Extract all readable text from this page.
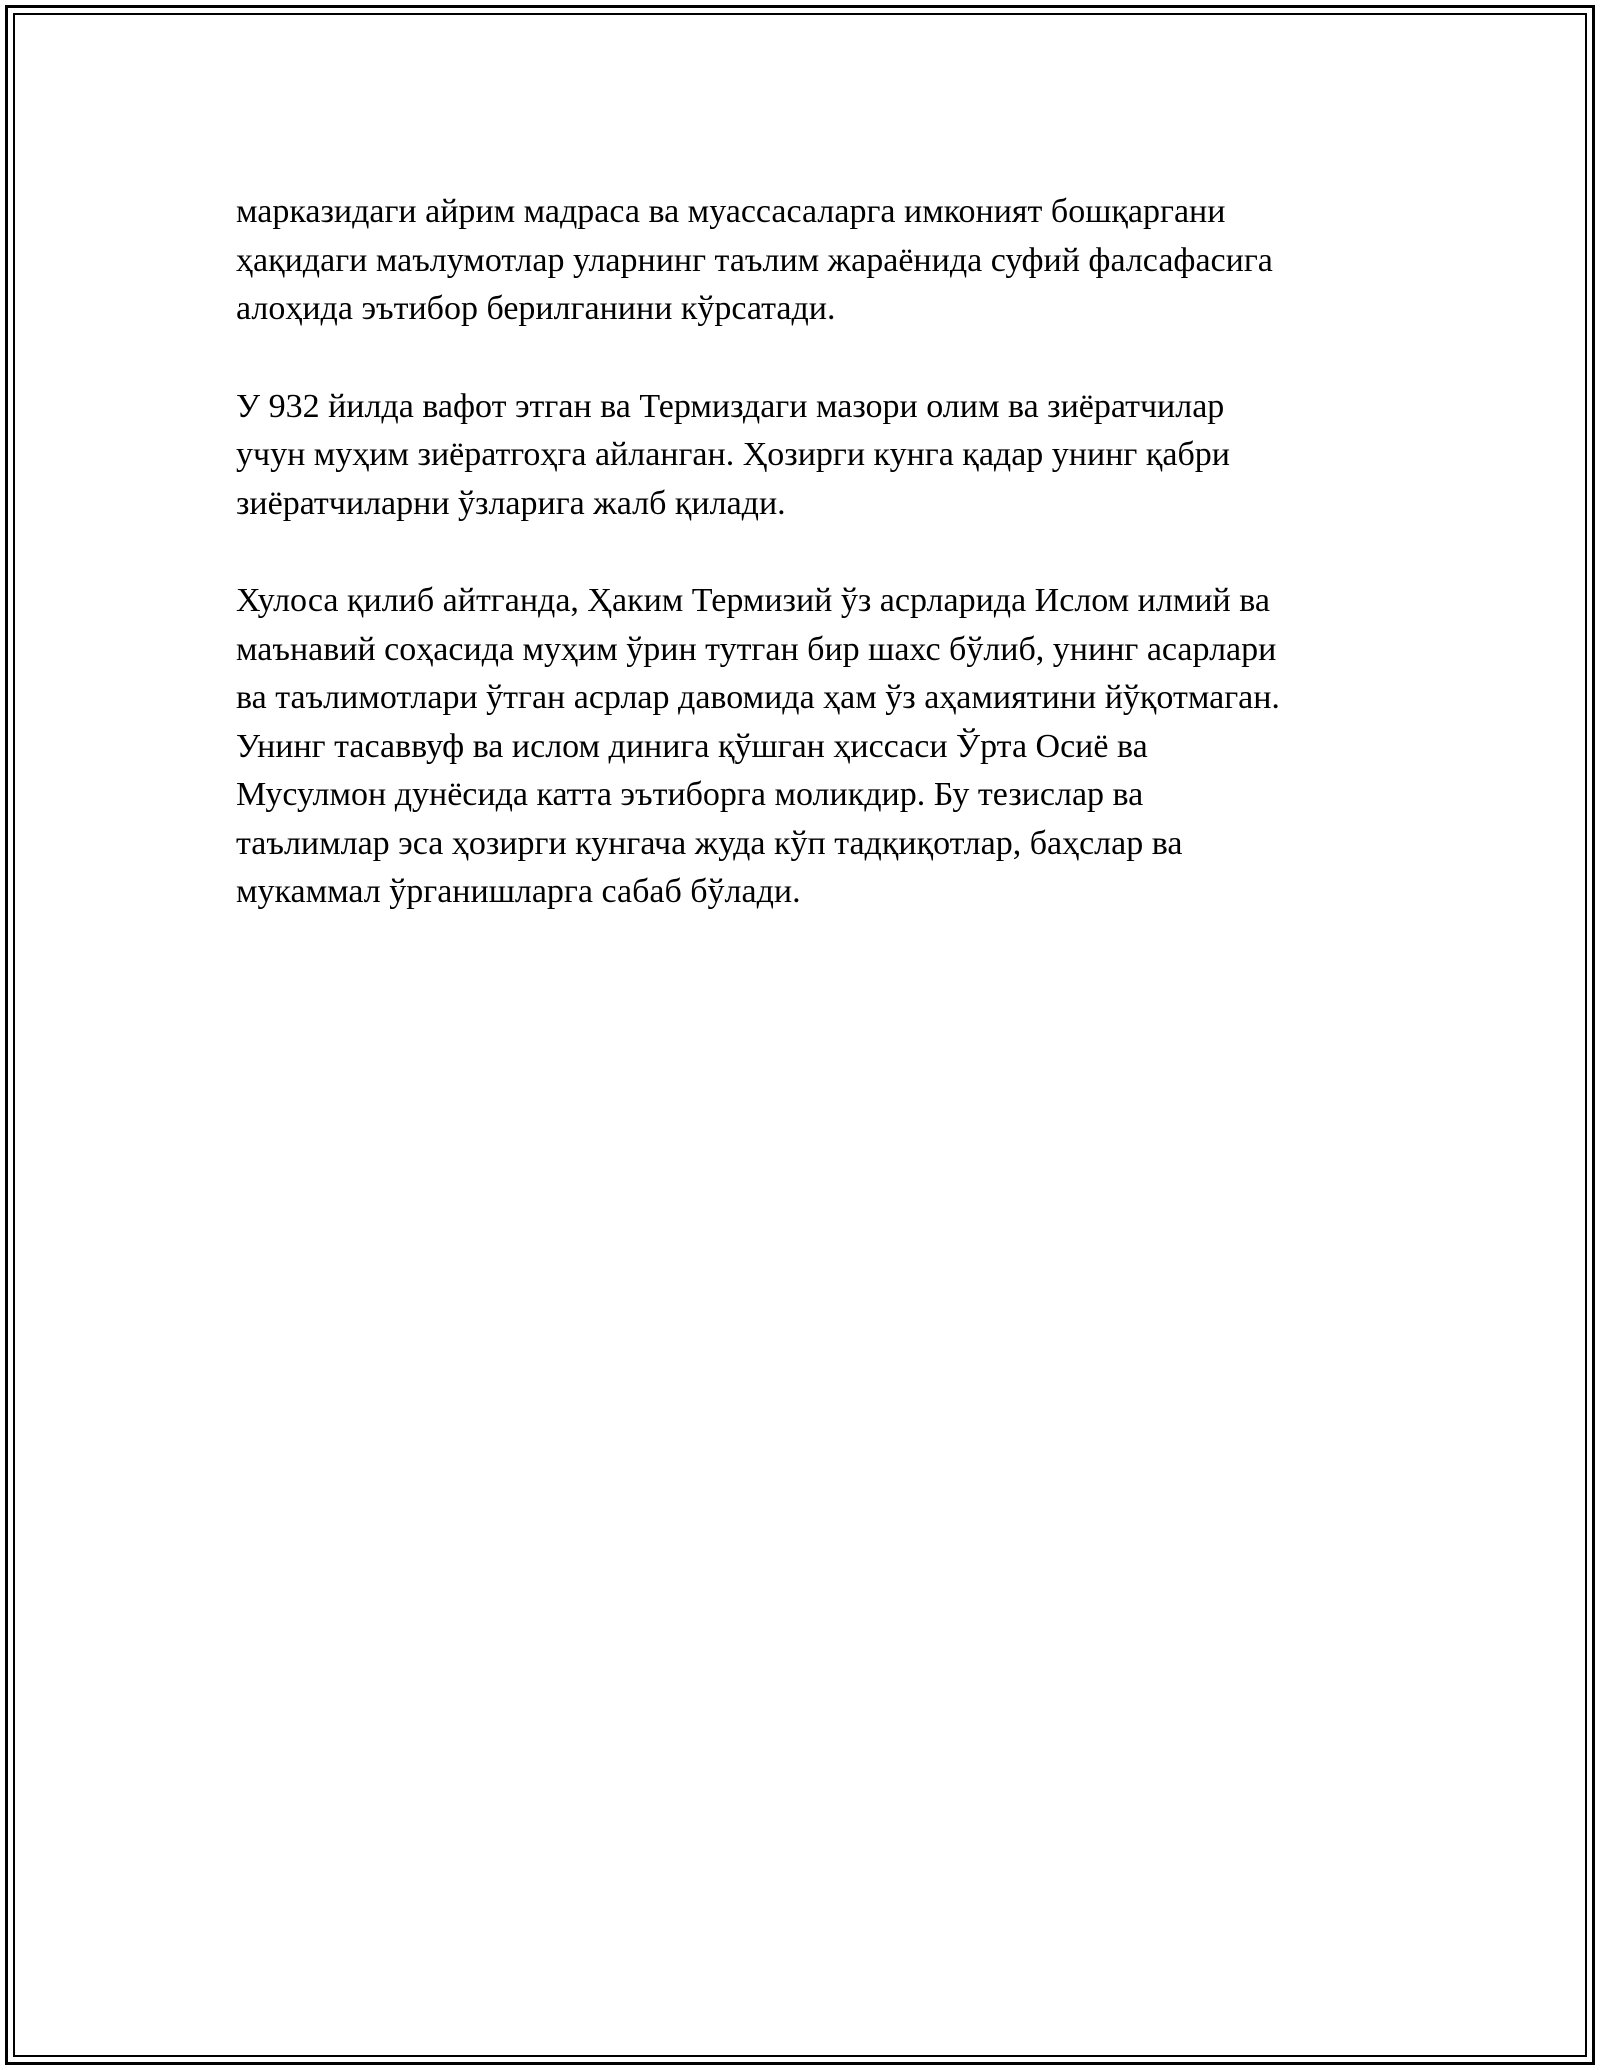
марказидаги айрим мадраса ва муассасаларга имконият бошқаргани
ҳақидаги маълумотлар уларнинг таълим жараёнида суфий фалсафасига
алоҳида эътибор берилганини кўрсатади.

У 932 йилда вафот этган ва Термиздаги мазори олим ва зиёратчилар
учун муҳим зиёратгоҳга айланган. Ҳозирги кунга қадар унинг қабри
зиёратчиларни ўзларига жалб қилади.

Хулоса қилиб айтганда, Ҳаким Термизий ўз асрларида Ислом илмий ва
маънавий соҳасида муҳим ўрин тутган бир шахс бўлиб, унинг асарлари
ва таълимотлари ўтган асрлар давомида ҳам ўз аҳамиятини йўқотмаган.
Унинг тасаввуф ва ислом динига қўшган ҳиссаси Ўрта Осиё ва
Мусулмон дунёсида катта эътиборга моликдир. Бу тезислар ва
таълимлар эса ҳозирги кунгача жуда кўп тадқиқотлар, баҳслар ва
мукаммал ўрганишларга сабаб бўлади.
